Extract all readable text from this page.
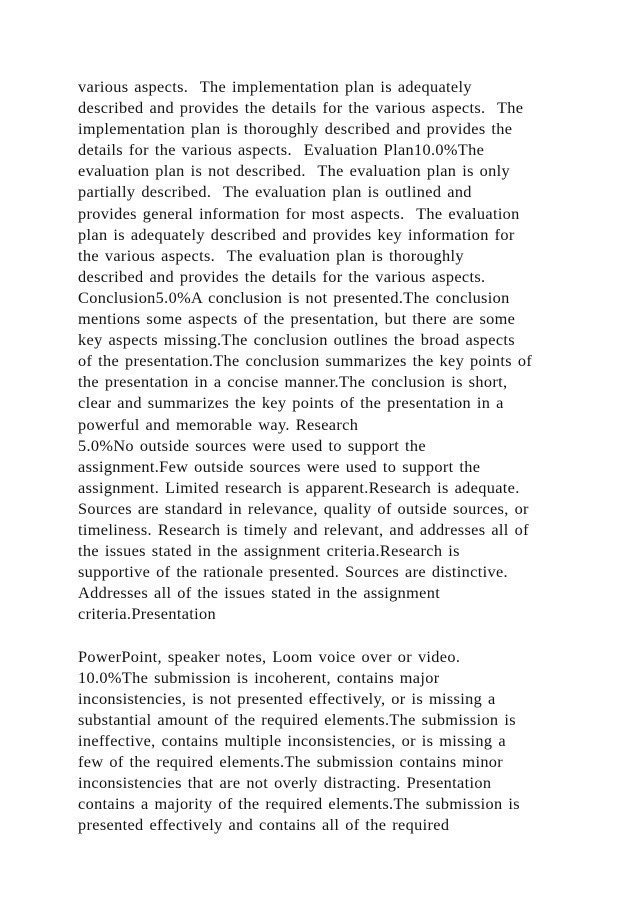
various aspects.  The implementation plan is adequately
described and provides the details for the various aspects.  The
implementation plan is thoroughly described and provides the
details for the various aspects.  Evaluation Plan10.0%The
evaluation plan is not described.  The evaluation plan is only
partially described.  The evaluation plan is outlined and
provides general information for most aspects.  The evaluation
plan is adequately described and provides key information for
the various aspects.  The evaluation plan is thoroughly
described and provides the details for the various aspects.
Conclusion5.0%A conclusion is not presented.The conclusion
mentions some aspects of the presentation, but there are some
key aspects missing.The conclusion outlines the broad aspects
of the presentation.The conclusion summarizes the key points of
the presentation in a concise manner.The conclusion is short,
clear and summarizes the key points of the presentation in a
powerful and memorable way. Research
5.0%No outside sources were used to support the
assignment.Few outside sources were used to support the
assignment. Limited research is apparent.Research is adequate.
Sources are standard in relevance, quality of outside sources, or
timeliness. Research is timely and relevant, and addresses all of
the issues stated in the assignment criteria.Research is
supportive of the rationale presented. Sources are distinctive.
Addresses all of the issues stated in the assignment
criteria.Presentation
PowerPoint, speaker notes, Loom voice over or video.
10.0%The submission is incoherent, contains major
inconsistencies, is not presented effectively, or is missing a
substantial amount of the required elements.The submission is
ineffective, contains multiple inconsistencies, or is missing a
few of the required elements.The submission contains minor
inconsistencies that are not overly distracting. Presentation
contains a majority of the required elements.The submission is
presented effectively and contains all of the required
